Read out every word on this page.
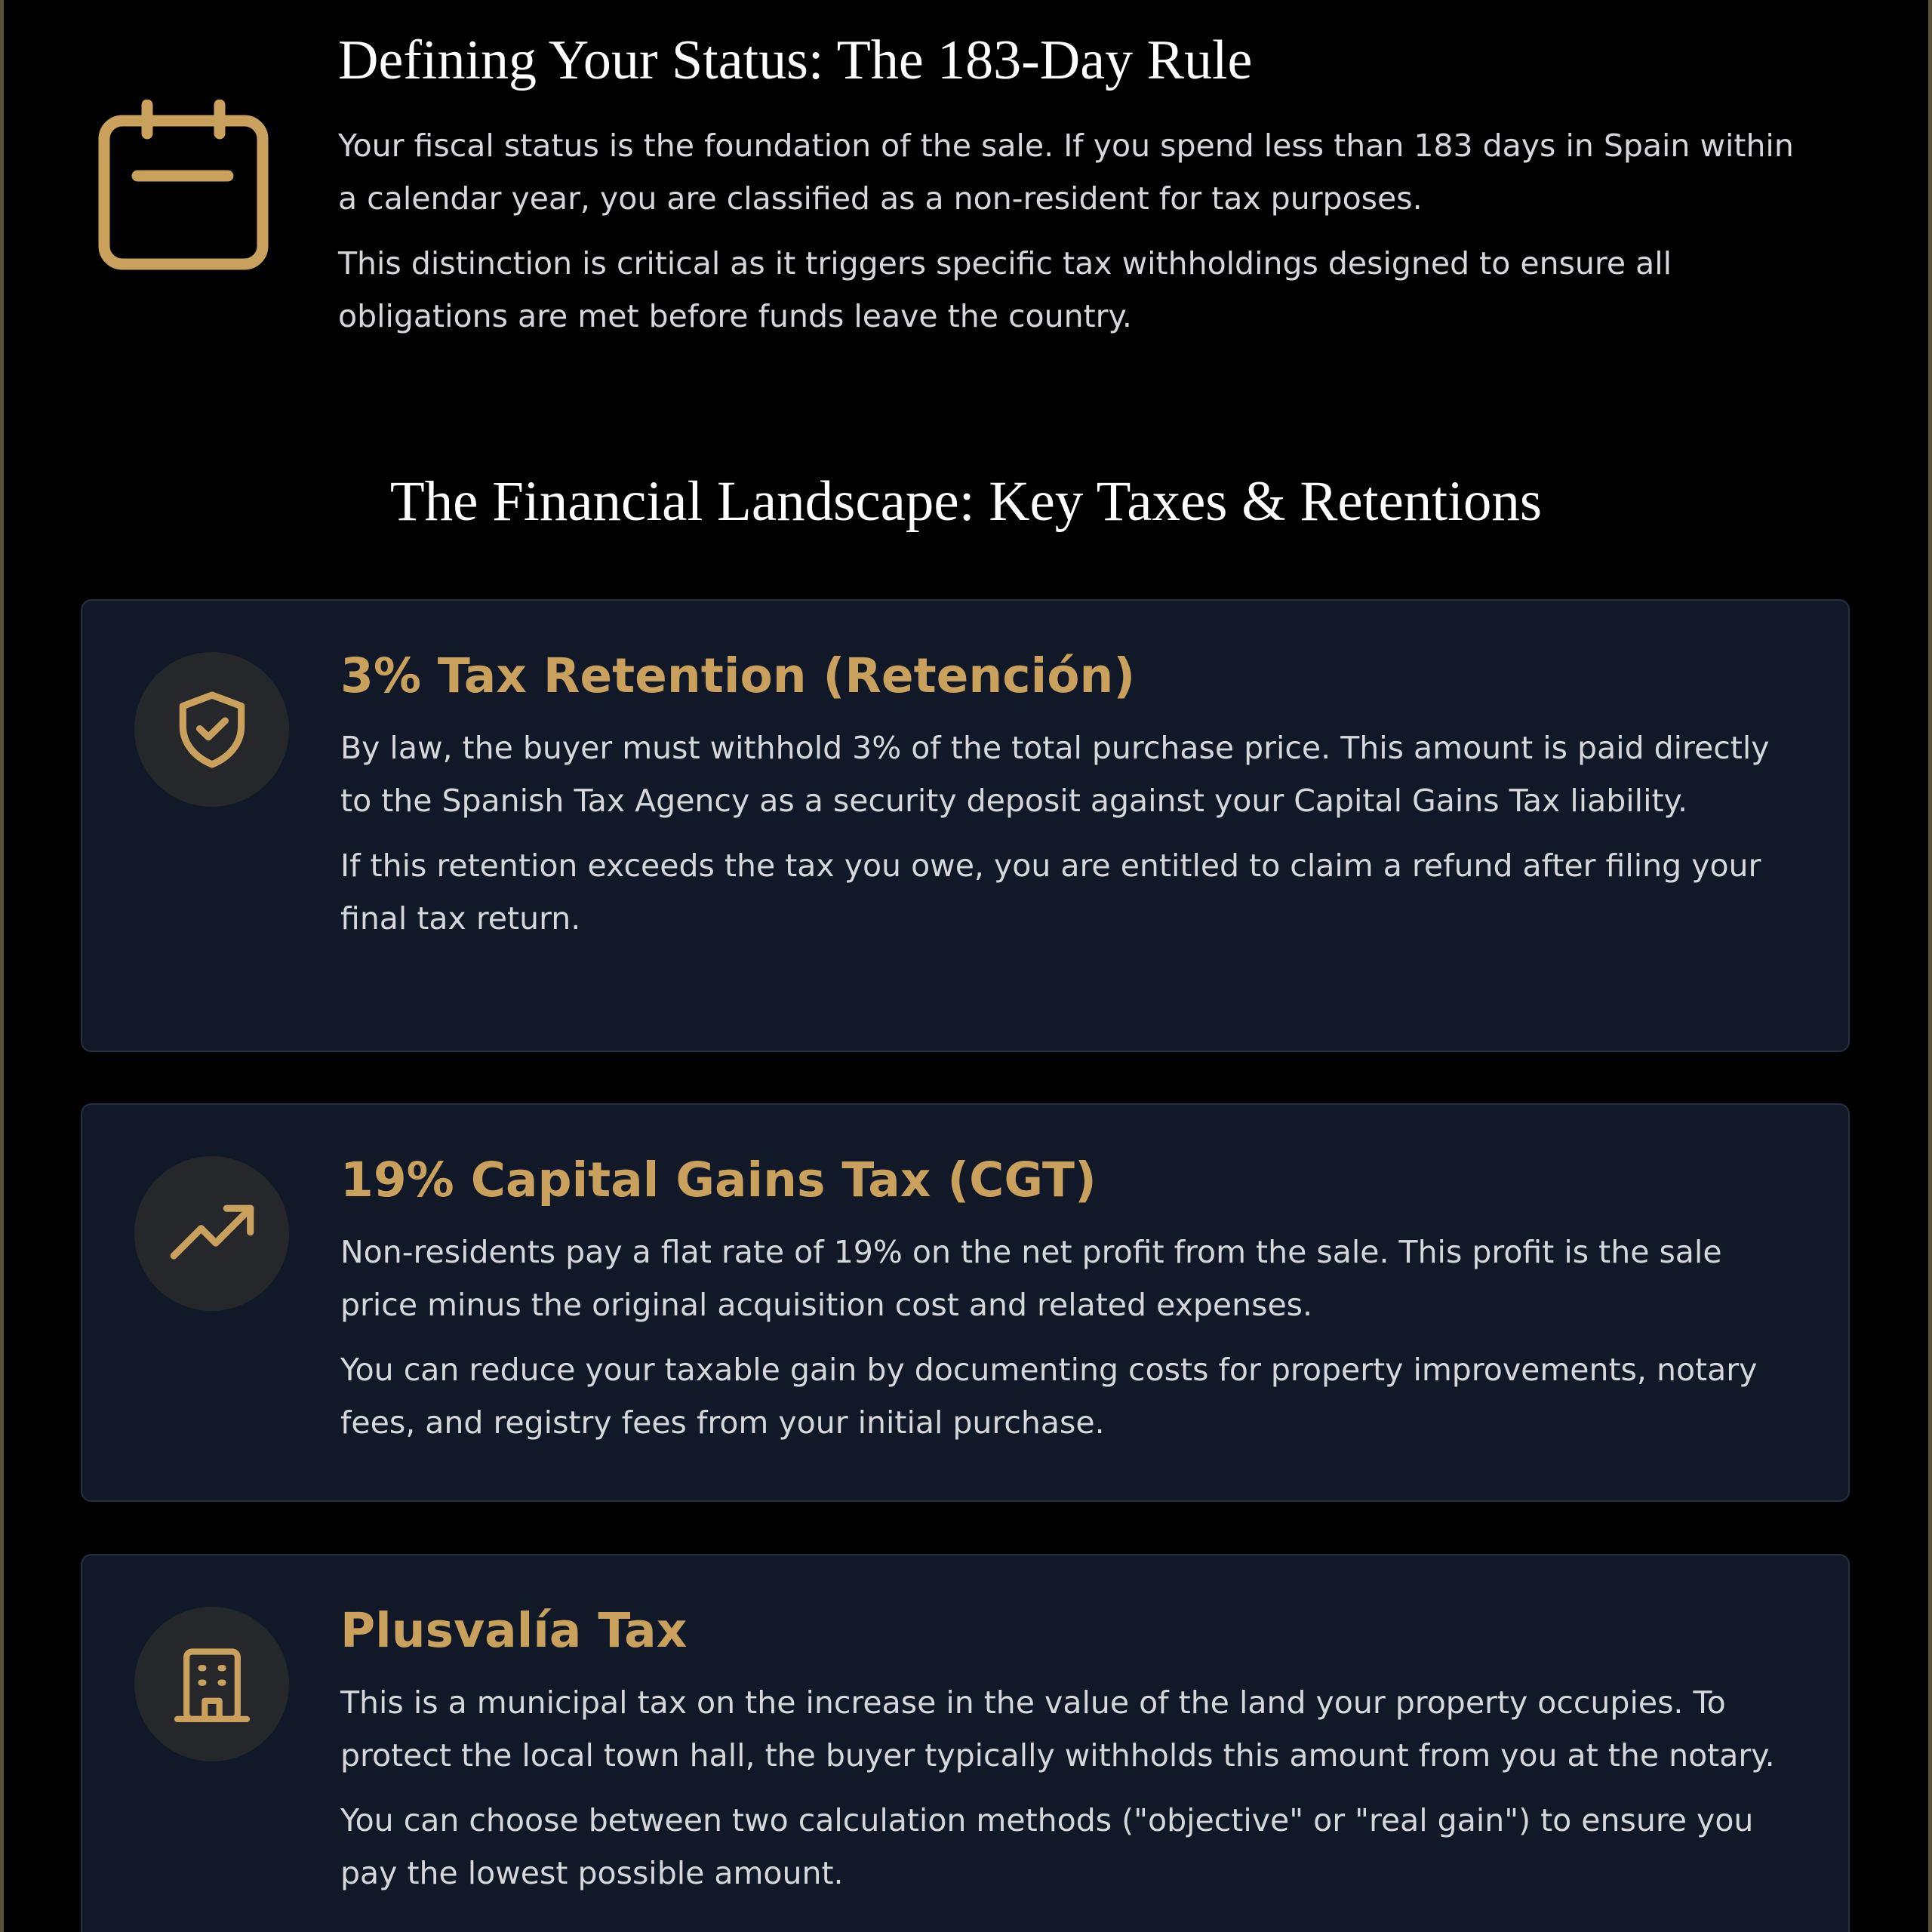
Defining Your Status: The 183-Day Rule

Your fiscal status is the foundation of the sale. If you spend less than 183 days in Spain within a calendar year, you are classified as a non-resident for tax purposes.

This distinction is critical as it triggers specific tax withholdings designed to ensure all obligations are met before funds leave the country.

The Financial Landscape: Key Taxes & Retentions
3% Tax Retention (Retención)

By law, the buyer must withhold 3% of the total purchase price. This amount is paid directly to the Spanish Tax Agency as a security deposit against your Capital Gains Tax liability.

If this retention exceeds the tax you owe, you are entitled to claim a refund after filing your final tax return.

19% Capital Gains Tax (CGT)

Non-residents pay a flat rate of 19% on the net profit from the sale. This profit is the sale price minus the original acquisition cost and related expenses.

You can reduce your taxable gain by documenting costs for property improvements, notary fees, and registry fees from your initial purchase.

Plusvalía Tax

This is a municipal tax on the increase in the value of the land your property occupies. To protect the local town hall, the buyer typically withholds this amount from you at the notary.

You can choose between two calculation methods ("objective" or "real gain") to ensure you pay the lowest possible amount.
